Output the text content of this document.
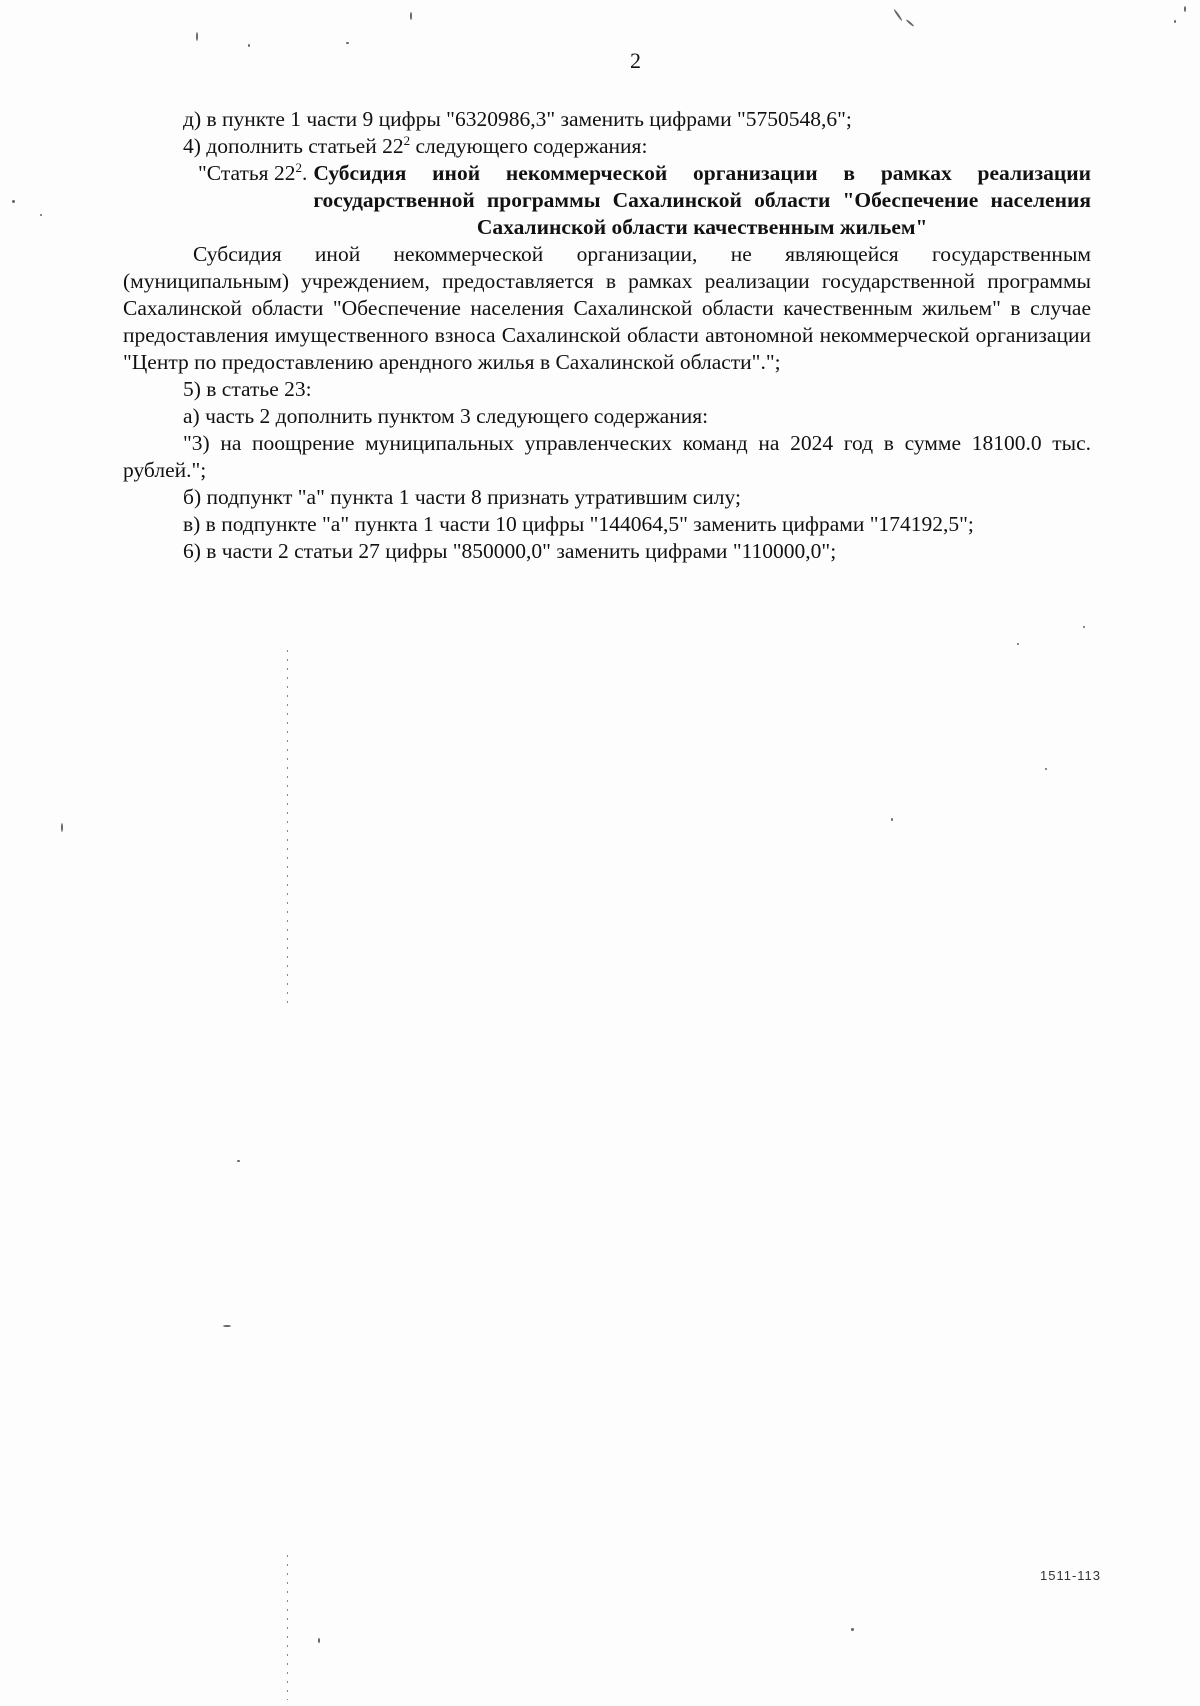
2

д) в пункте 1 части 9 цифры "6320986,3" заменить цифрами "5750548,6";

4) дополнить статьей $22^2$ следующего содержания:

"Статья $22^2$. Субсидия иной некоммерческой организации в рамках реализации государственной программы Сахалинской области "Обеспечение населения Сахалинской области качественным жильем"

Субсидия иной некоммерческой организации, не являющейся государственным (муниципальным) учреждением, предоставляется в рамках реализации государственной программы Сахалинской области "Обеспечение населения Сахалинской области качественным жильем" в случае предоставления имущественного взноса Сахалинской области автономной некоммерческой организации "Центр по предоставлению арендного жилья в Сахалинской области".";

5) в статье 23:

а) часть 2 дополнить пунктом 3 следующего содержания:

"3) на поощрение муниципальных управленческих команд на 2024 год в сумме 18100.0 тыс. рублей.";

б) подпункт "а" пункта 1 части 8 признать утратившим силу;

в) в подпункте "а" пункта 1 части 10 цифры "144064,5" заменить цифрами "174192,5";

6) в части 2 статьи 27 цифры "850000,0" заменить цифрами "110000,0";

1511-113
